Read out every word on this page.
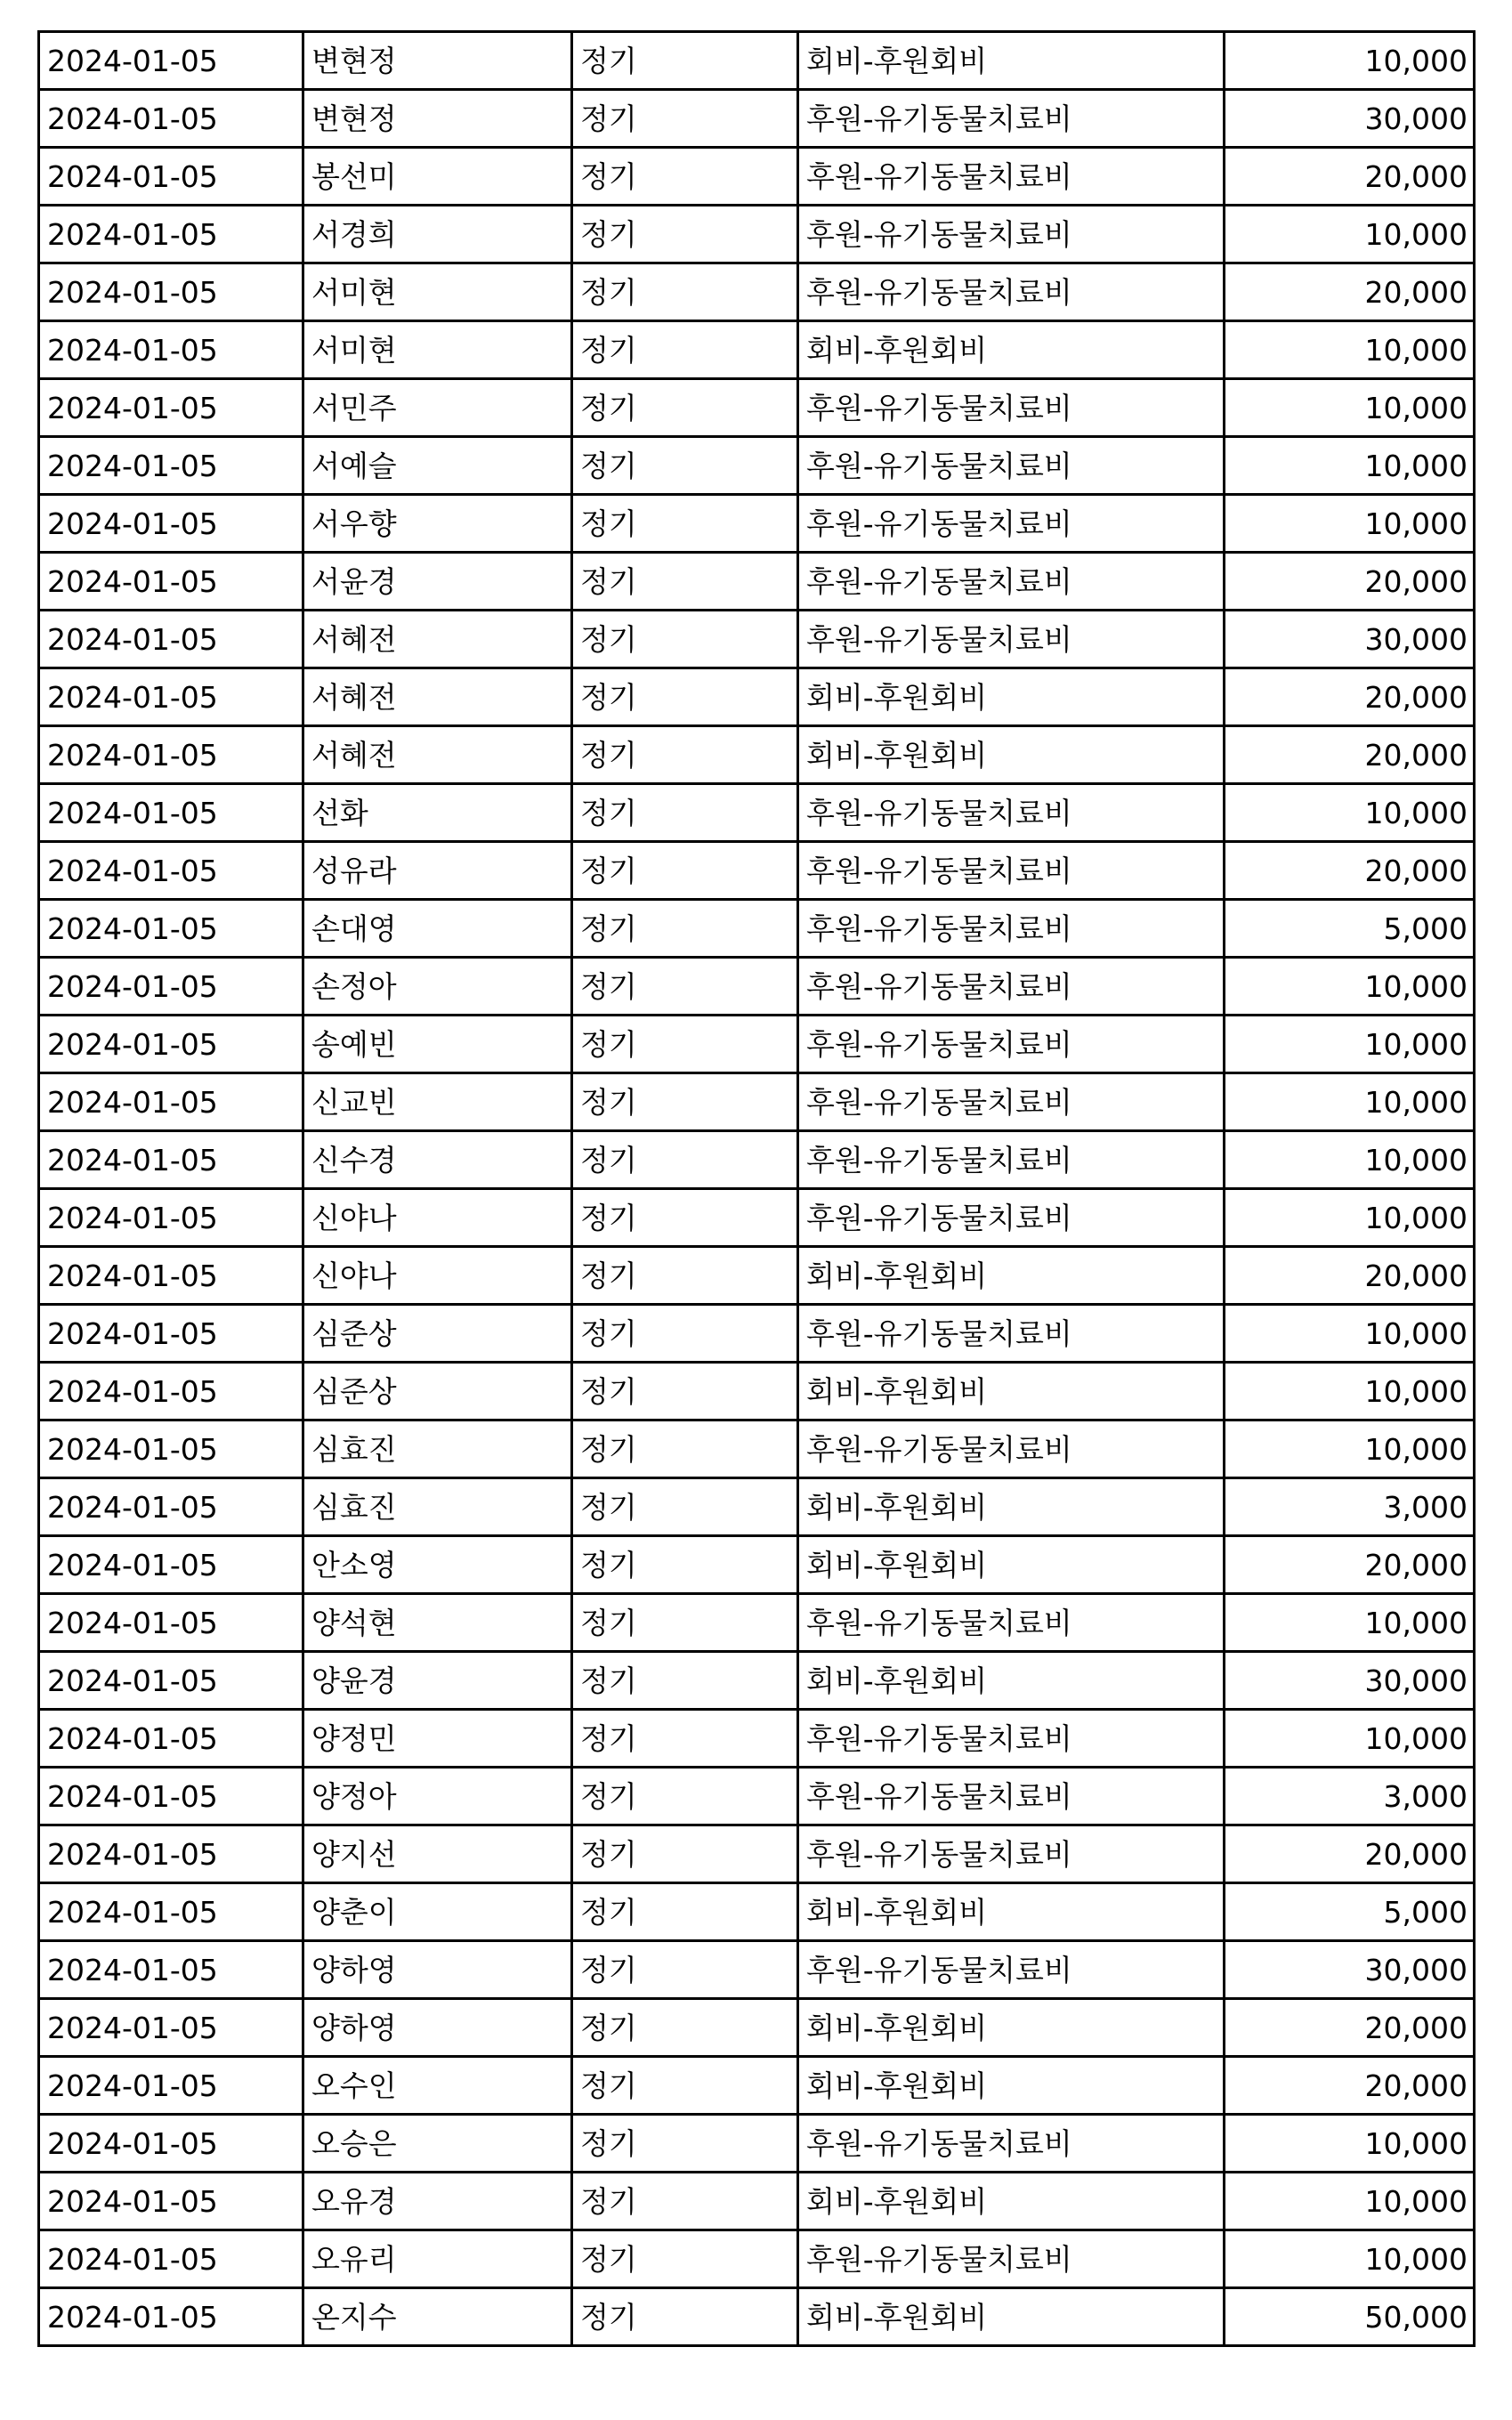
2024-01-05	변현정	정기	회비-후원회비	10,000
2024-01-05	변현정	정기	후원-유기동물치료비	30,000
2024-01-05	봉선미	정기	후원-유기동물치료비	20,000
2024-01-05	서경희	정기	후원-유기동물치료비	10,000
2024-01-05	서미현	정기	후원-유기동물치료비	20,000
2024-01-05	서미현	정기	회비-후원회비	10,000
2024-01-05	서민주	정기	후원-유기동물치료비	10,000
2024-01-05	서예슬	정기	후원-유기동물치료비	10,000
2024-01-05	서우향	정기	후원-유기동물치료비	10,000
2024-01-05	서윤경	정기	후원-유기동물치료비	20,000
2024-01-05	서혜전	정기	후원-유기동물치료비	30,000
2024-01-05	서혜전	정기	회비-후원회비	20,000
2024-01-05	서혜전	정기	회비-후원회비	20,000
2024-01-05	선화	정기	후원-유기동물치료비	10,000
2024-01-05	성유라	정기	후원-유기동물치료비	20,000
2024-01-05	손대영	정기	후원-유기동물치료비	5,000
2024-01-05	손정아	정기	후원-유기동물치료비	10,000
2024-01-05	송예빈	정기	후원-유기동물치료비	10,000
2024-01-05	신교빈	정기	후원-유기동물치료비	10,000
2024-01-05	신수경	정기	후원-유기동물치료비	10,000
2024-01-05	신야나	정기	후원-유기동물치료비	10,000
2024-01-05	신야나	정기	회비-후원회비	20,000
2024-01-05	심준상	정기	후원-유기동물치료비	10,000
2024-01-05	심준상	정기	회비-후원회비	10,000
2024-01-05	심효진	정기	후원-유기동물치료비	10,000
2024-01-05	심효진	정기	회비-후원회비	3,000
2024-01-05	안소영	정기	회비-후원회비	20,000
2024-01-05	양석현	정기	후원-유기동물치료비	10,000
2024-01-05	양윤경	정기	회비-후원회비	30,000
2024-01-05	양정민	정기	후원-유기동물치료비	10,000
2024-01-05	양정아	정기	후원-유기동물치료비	3,000
2024-01-05	양지선	정기	후원-유기동물치료비	20,000
2024-01-05	양춘이	정기	회비-후원회비	5,000
2024-01-05	양하영	정기	후원-유기동물치료비	30,000
2024-01-05	양하영	정기	회비-후원회비	20,000
2024-01-05	오수인	정기	회비-후원회비	20,000
2024-01-05	오승은	정기	후원-유기동물치료비	10,000
2024-01-05	오유경	정기	회비-후원회비	10,000
2024-01-05	오유리	정기	후원-유기동물치료비	10,000
2024-01-05	온지수	정기	회비-후원회비	50,000
